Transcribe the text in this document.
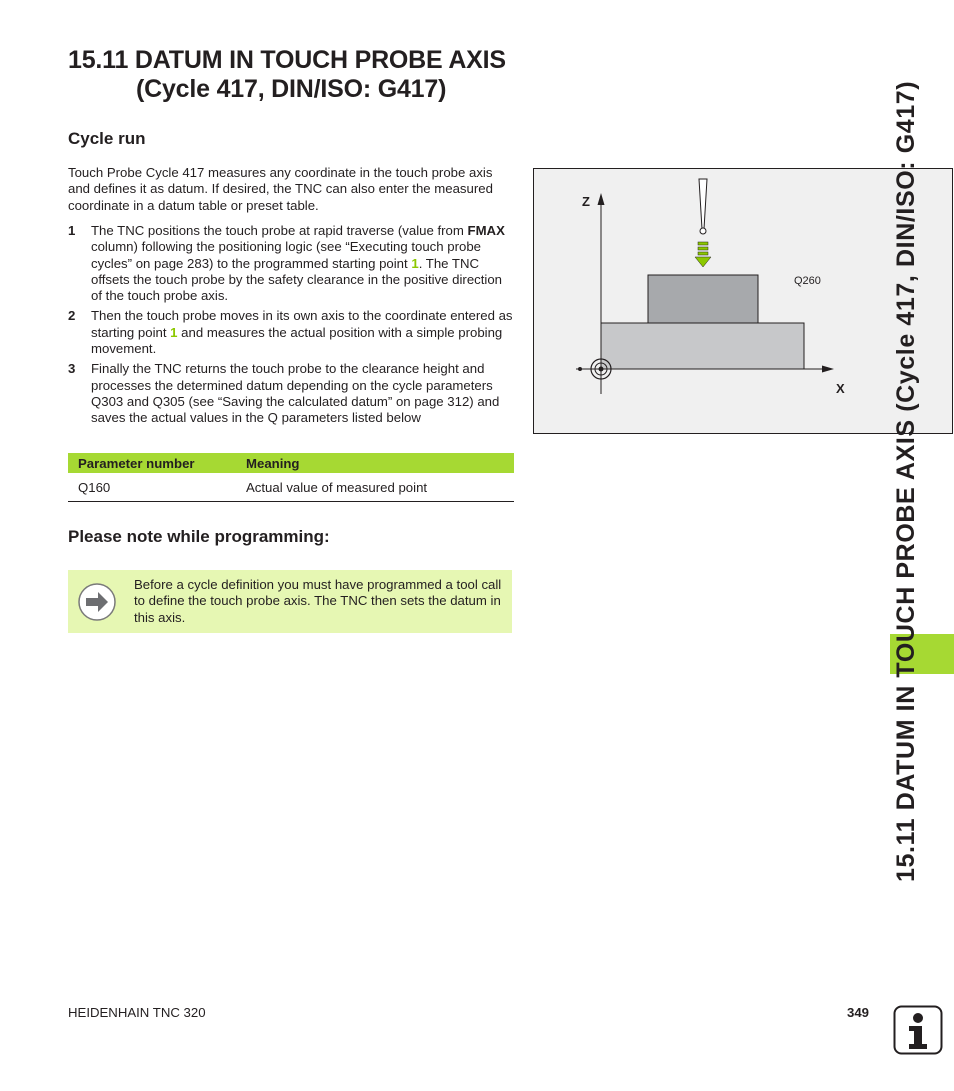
15.11 DATUM IN TOUCH PROBE AXIS
(Cycle 417, DIN/ISO: G417)
Cycle run
Touch Probe Cycle 417 measures any coordinate in the touch probe axis and defines it as datum. If desired, the TNC can also enter the measured coordinate in a datum table or preset table.
1 The TNC positions the touch probe at rapid traverse (value from FMAX column) following the positioning logic (see “Executing touch probe cycles” on page 283) to the programmed starting point 1. The TNC offsets the touch probe by the safety clearance in the positive direction of the touch probe axis.
2 Then the touch probe moves in its own axis to the coordinate entered as starting point 1 and measures the actual position with a simple probing movement.
3 Finally the TNC returns the touch probe to the clearance height and processes the determined datum depending on the cycle parameters Q303 and Q305 (see “Saving the calculated datum” on page 312) and saves the actual values in the Q parameters listed below
Parameter number	Meaning
Q160	Actual value of measured point
Please note while programming:
Before a cycle definition you must have programmed a tool call to define the touch probe axis. The TNC then sets the datum in this axis.
Z
X
Q260	15.11 DATUM IN TOUCH PROBE AXIS (Cycle 417, DIN/ISO: G417)
HEIDENHAIN TNC 320	349
